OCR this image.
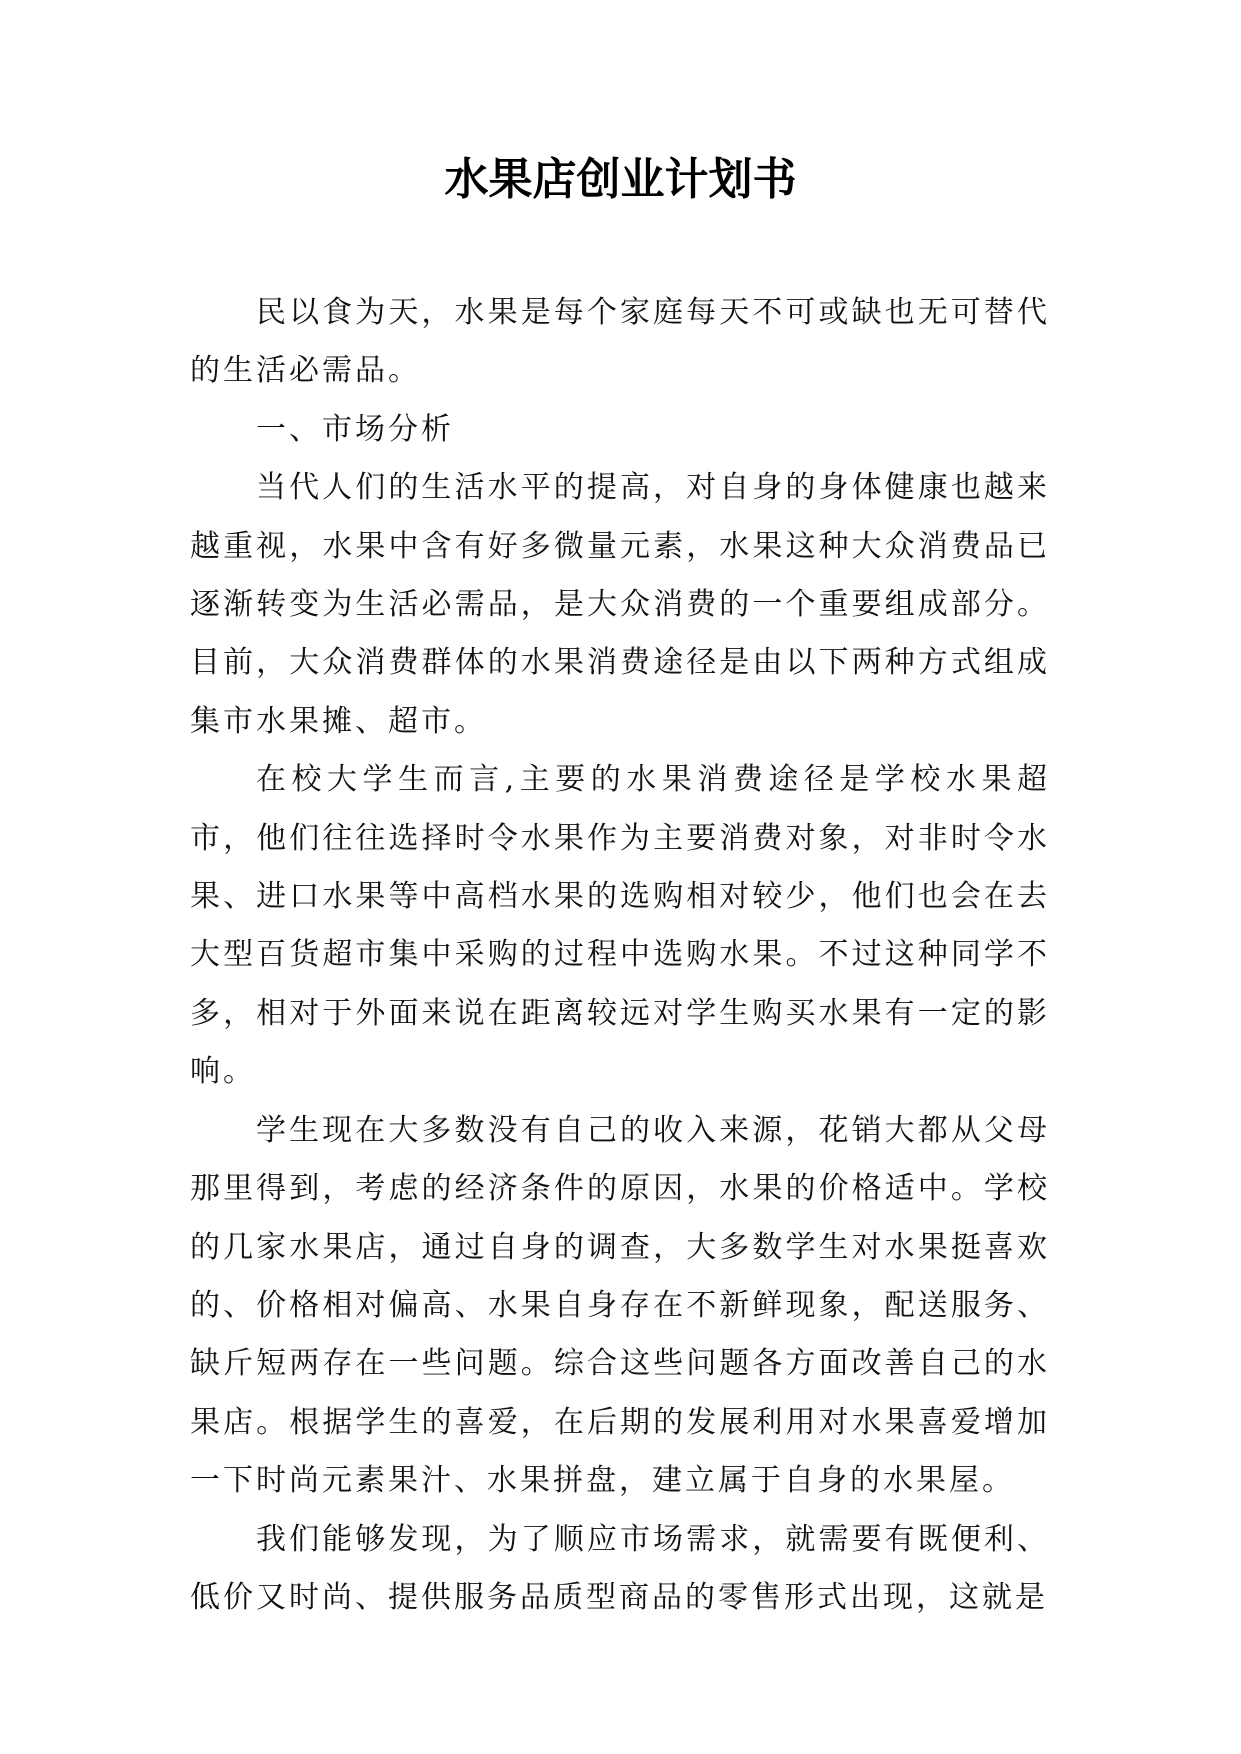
水果店创业计划书

民以食为天，水果是每个家庭每天不可或缺也无可替代的生活必需品。

一、市场分析

当代人们的生活水平的提高，对自身的身体健康也越来越重视，水果中含有好多微量元素，水果这种大众消费品已逐渐转变为生活必需品，是大众消费的一个重要组成部分。目前，大众消费群体的水果消费途径是由以下两种方式组成集市水果摊、超市。

在校大学生而言,主要的水果消费途径是学校水果超市，他们往往选择时令水果作为主要消费对象，对非时令水果、进口水果等中高档水果的选购相对较少，他们也会在去大型百货超市集中采购的过程中选购水果。不过这种同学不多，相对于外面来说在距离较远对学生购买水果有一定的影响。

学生现在大多数没有自己的收入来源，花销大都从父母那里得到，考虑的经济条件的原因，水果的价格适中。学校的几家水果店，通过自身的调查，大多数学生对水果挺喜欢的、价格相对偏高、水果自身存在不新鲜现象，配送服务、缺斤短两存在一些问题。综合这些问题各方面改善自己的水果店。根据学生的喜爱，在后期的发展利用对水果喜爱增加一下时尚元素果汁、水果拼盘，建立属于自身的水果屋。

我们能够发现，为了顺应市场需求，就需要有既便利、低价又时尚、提供服务品质型商品的零售形式出现，这就是
